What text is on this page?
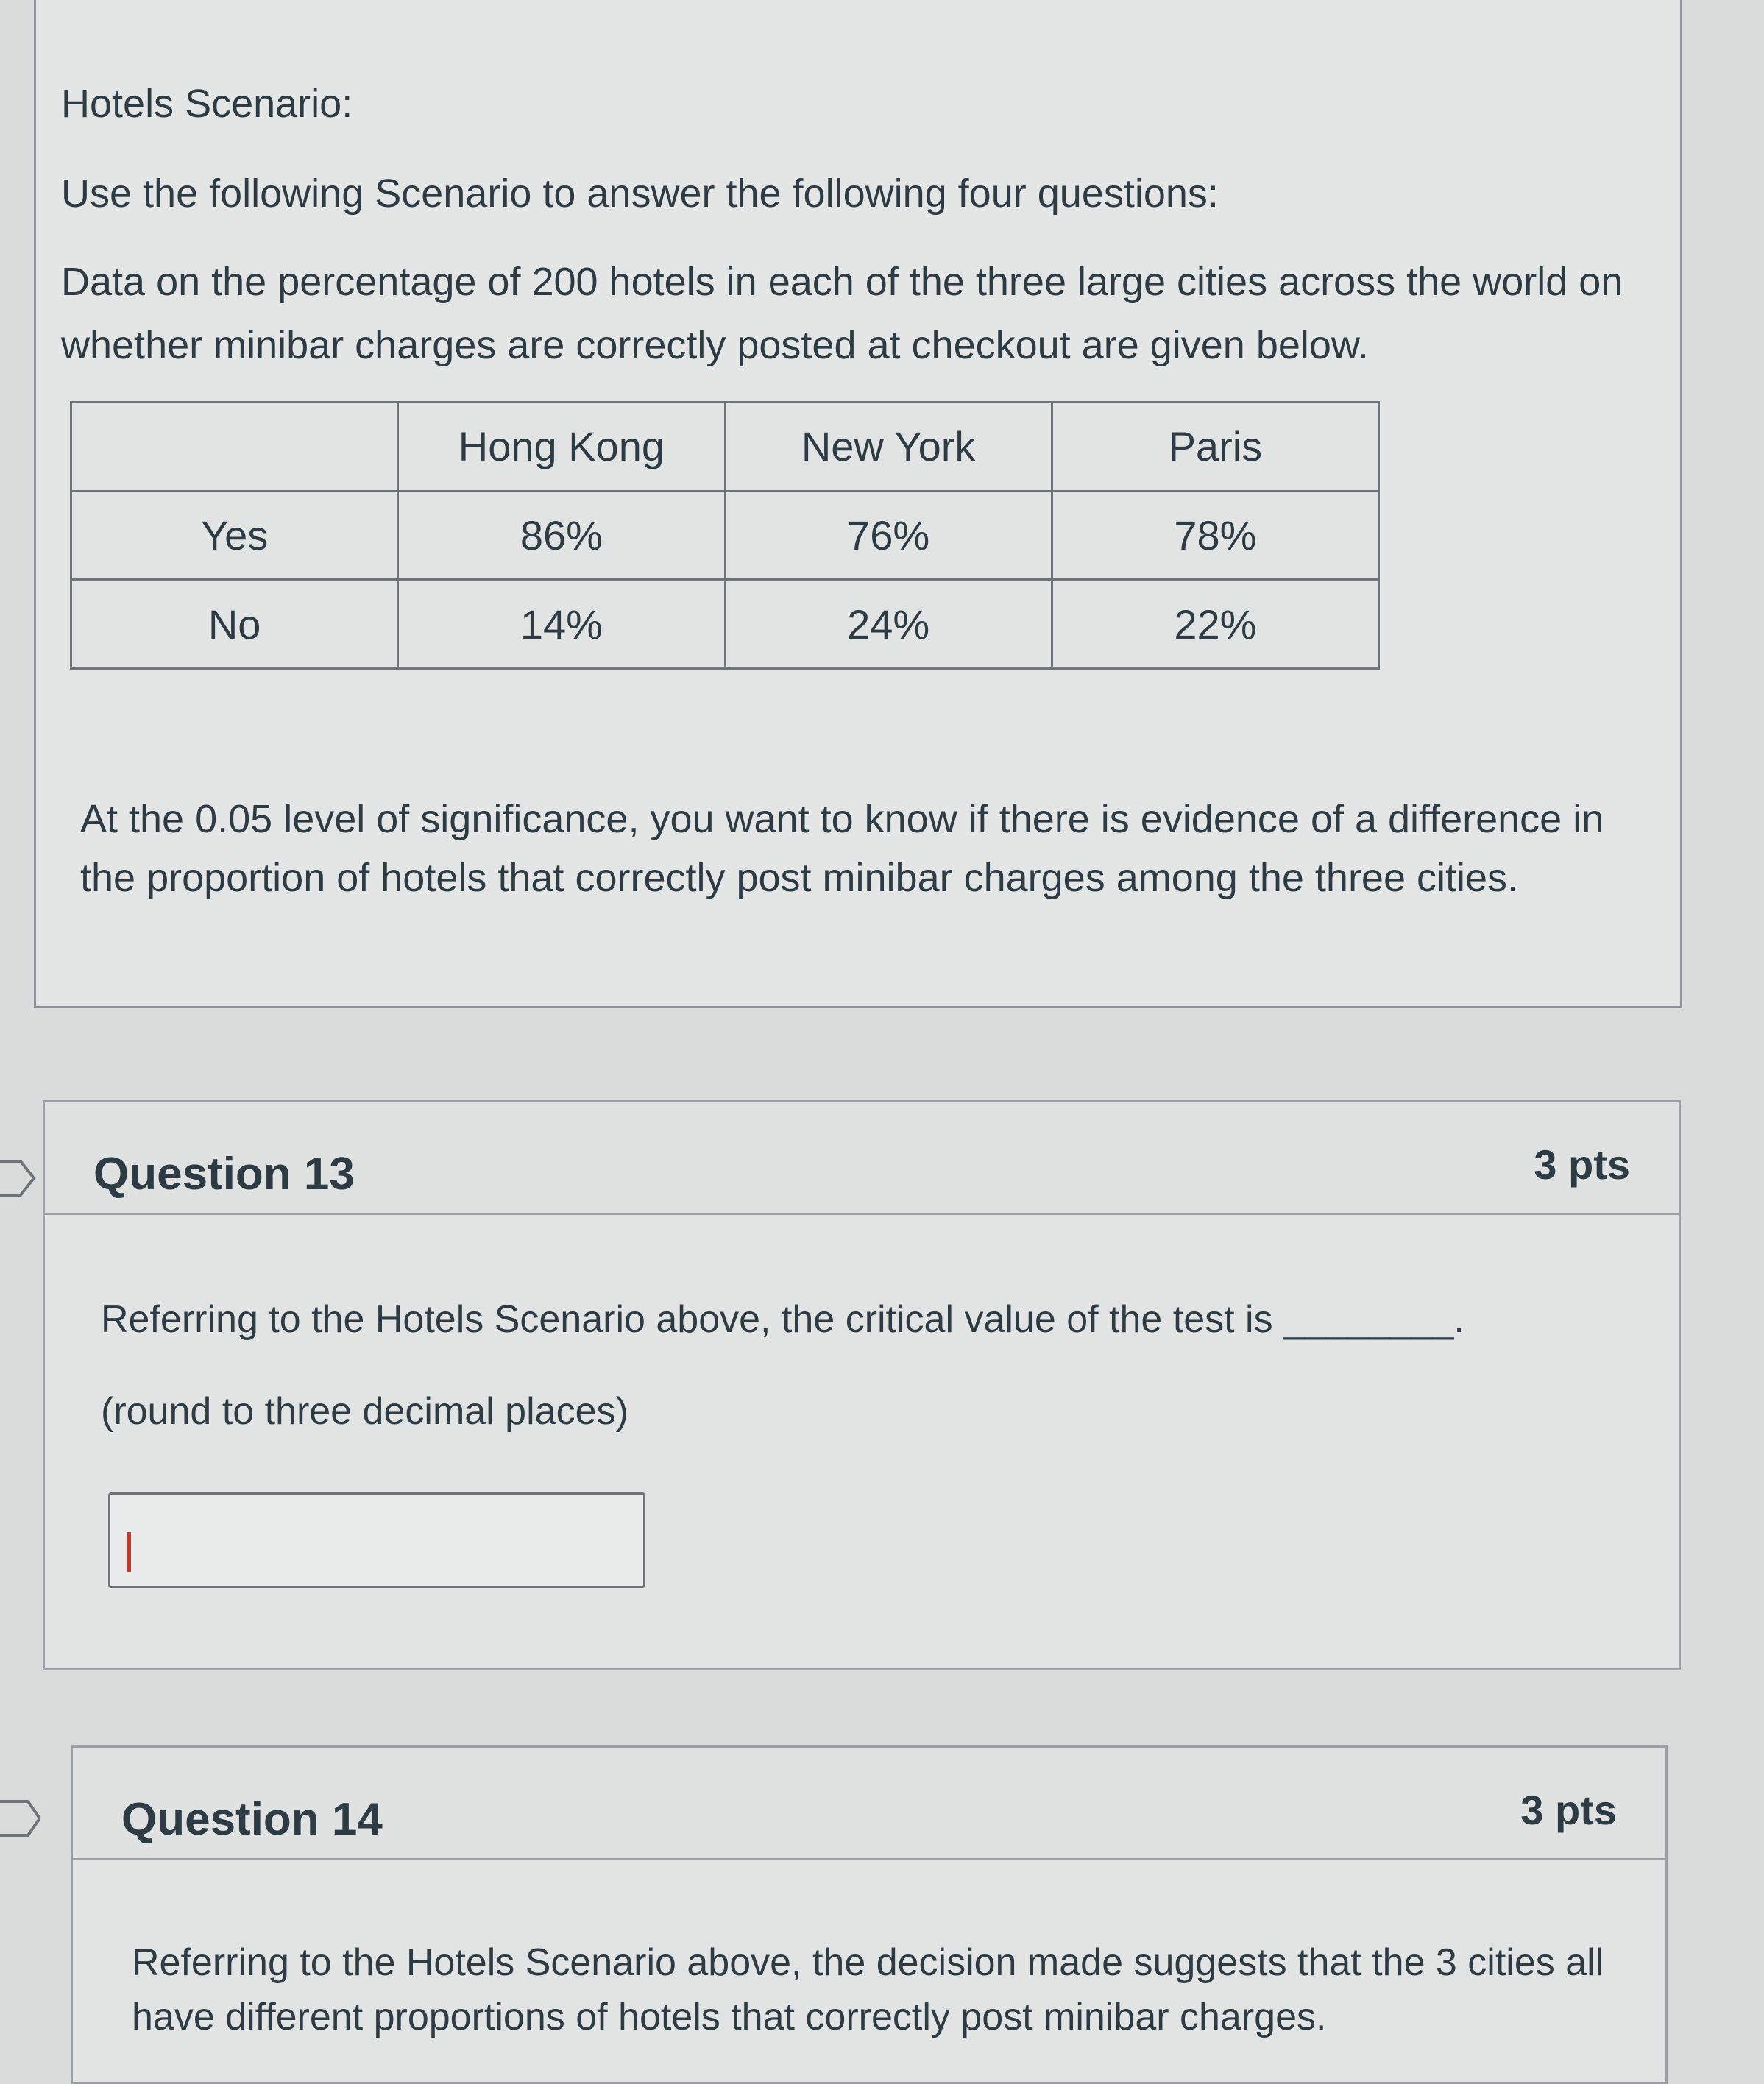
Hotels Scenario:
Use the following Scenario to answer the following four questions:
Data on the percentage of 200 hotels in each of the three large cities across the world on
whether minibar charges are correctly posted at checkout are given below.
	Hong Kong	New York	Paris
Yes	86%	76%	78%
No	14%	24%	22%
At the 0.05 level of significance, you want to know if there is evidence of a difference in
the proportion of hotels that correctly post minibar charges among the three cities.
Question 13	3 pts
Referring to the Hotels Scenario above, the critical value of the test is ________.
(round to three decimal places)
Question 14	3 pts
Referring to the Hotels Scenario above, the decision made suggests that the 3 cities all
have different proportions of hotels that correctly post minibar charges.
